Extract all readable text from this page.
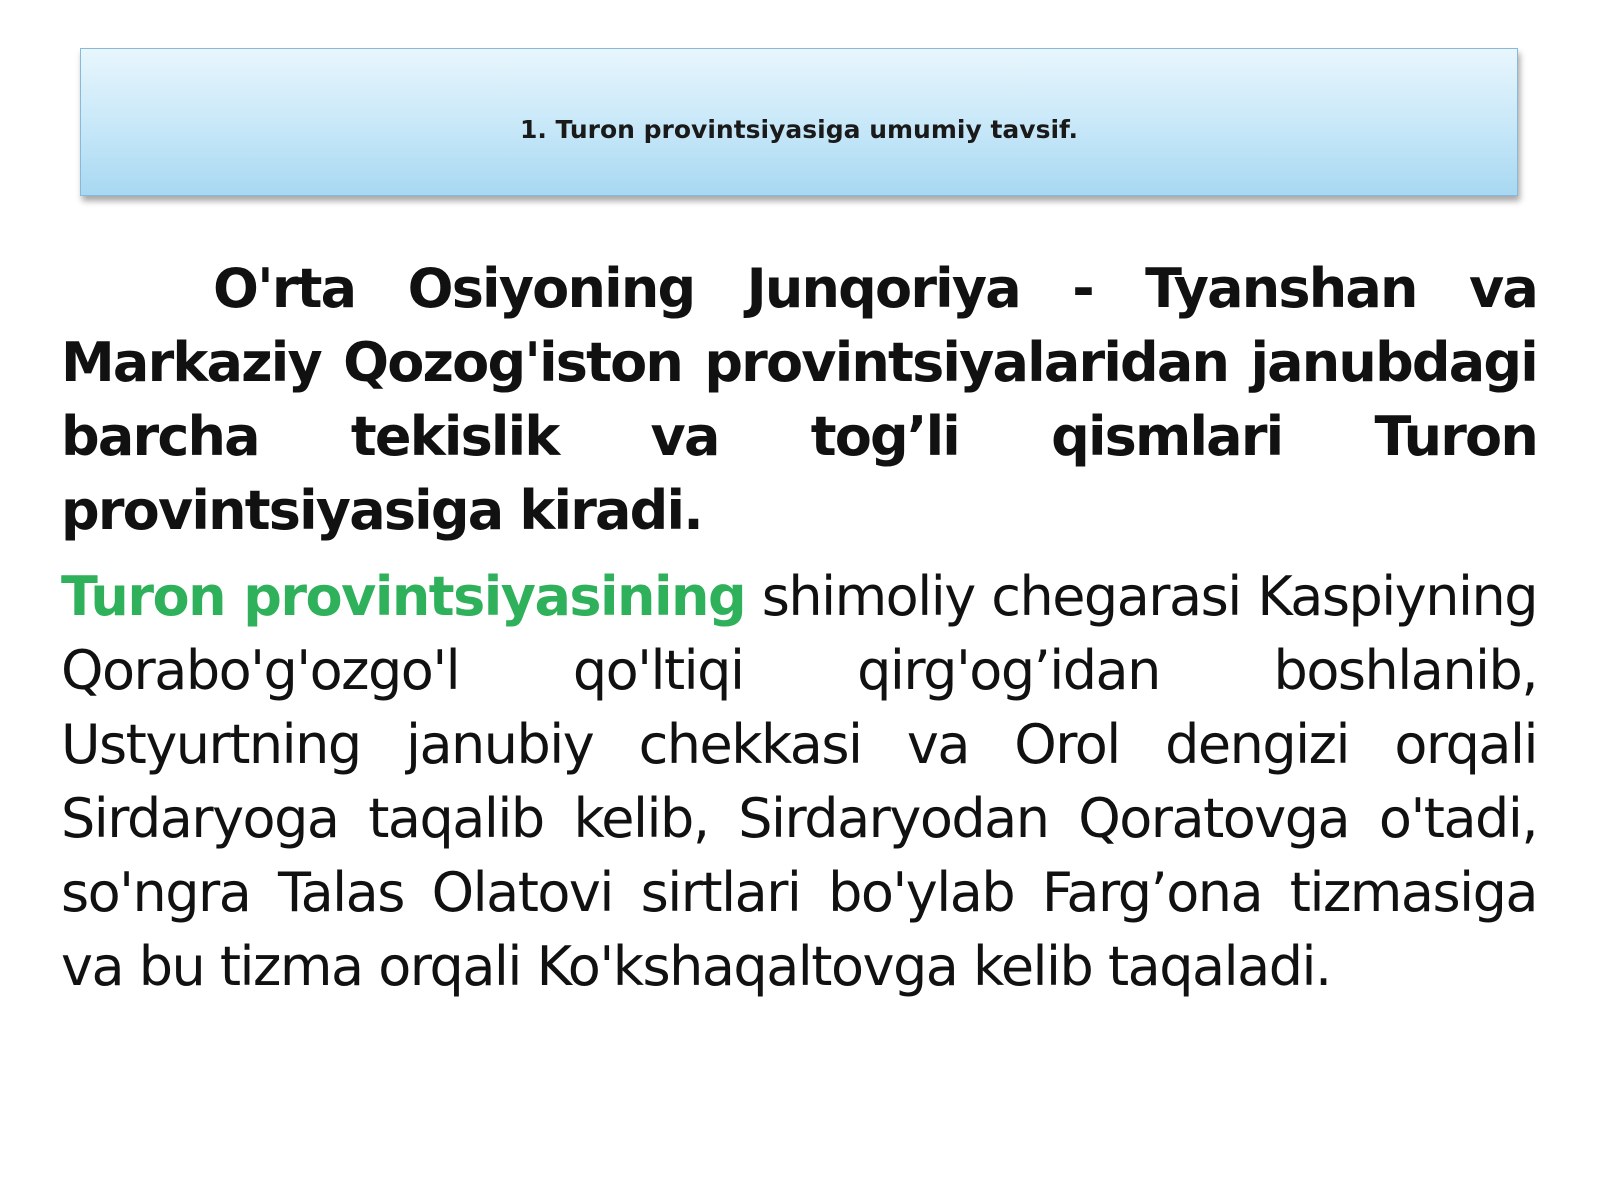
1. Turon provintsiyasiga umumiy tavsif.

O'rta Osiyoning Junqoriya - Tyanshan va Markaziy Qozog'iston provintsiyalaridan janubdagi barcha tekislik va tog’li qismlari Turon provintsiyasiga kiradi.

Turon provintsiyasining shimoliy chegarasi Kaspiyning Qorabo'g'ozgo'l qo'ltiqi qirg'og’idan boshlanib, Ustyurtning janubiy chekkasi va Orol dengizi orqali Sirdaryoga taqalib kelib, Sirdaryodan Qoratovga o'tadi, so'ngra Talas Olatovi sirtlari bo'ylab Farg’ona tizmasiga va bu tizma orqali Ko'kshaqaltovga kelib taqaladi.
